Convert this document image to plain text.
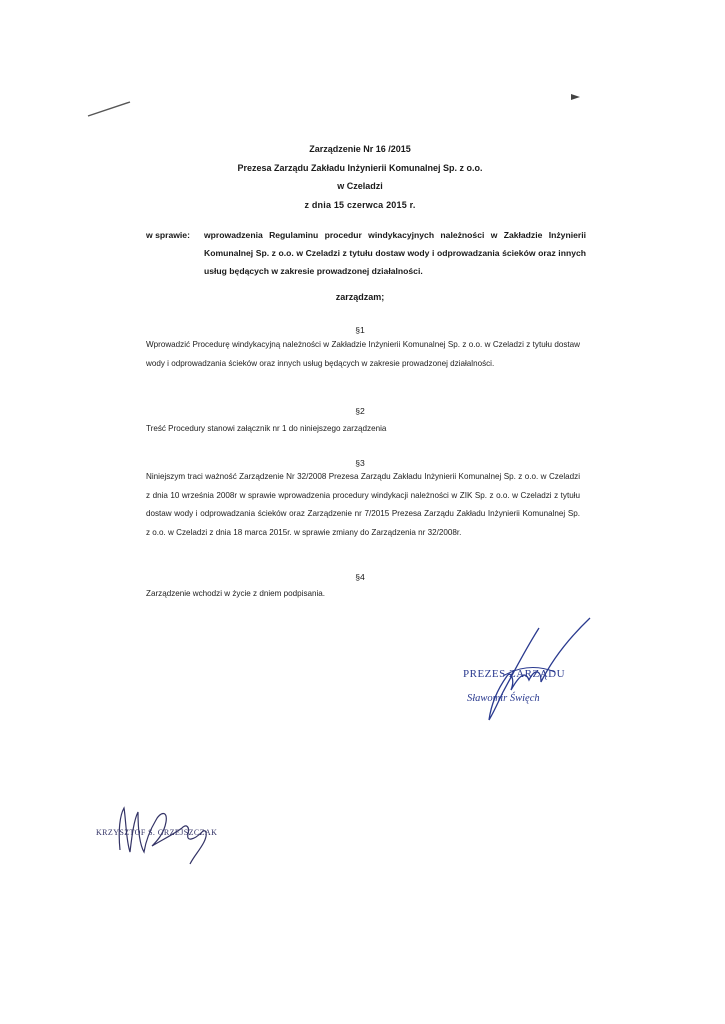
Zarządzenie Nr 16 /2015
Prezesa Zarządu Zakładu Inżynierii Komunalnej Sp. z o.o.
w Czeladzi
z dnia 15 czerwca 2015 r.
w sprawie: wprowadzenia Regulaminu procedur windykacyjnych należności w Zakładzie Inżynierii Komunalnej Sp. z o.o. w Czeladzi z tytułu dostaw wody i odprowadzania ścieków oraz innych usług będących w zakresie prowadzonej działalności.
zarządzam;
§1
Wprowadzić Procedurę windykacyjną należności w Zakładzie Inżynierii Komunalnej Sp. z o.o. w Czeladzi z tytułu dostaw wody i odprowadzania ścieków oraz innych usług będących w zakresie prowadzonej działalności.
§2
Treść Procedury stanowi załącznik nr 1 do niniejszego zarządzenia
§3
Niniejszym traci ważność Zarządzenie Nr 32/2008 Prezesa Zarządu Zakładu Inżynierii Komunalnej Sp. z o.o. w Czeladzi z dnia 10 września 2008r w sprawie wprowadzenia procedury windykacji należności w ZIK Sp. z o.o. w Czeladzi z tytułu dostaw wody i odprowadzania ścieków oraz Zarządzenie nr 7/2015 Prezesa Zarządu Zakładu Inżynierii Komunalnej Sp. z o.o. w Czeladzi z dnia 18 marca 2015r. w sprawie zmiany do Zarządzenia nr 32/2008r.
§4
Zarządzenie wchodzi w życie z dniem podpisania.
PREZES ZARZĄDU
Sławomir Święch
KRZYSZTOF S. GRZEJSZCZAK
